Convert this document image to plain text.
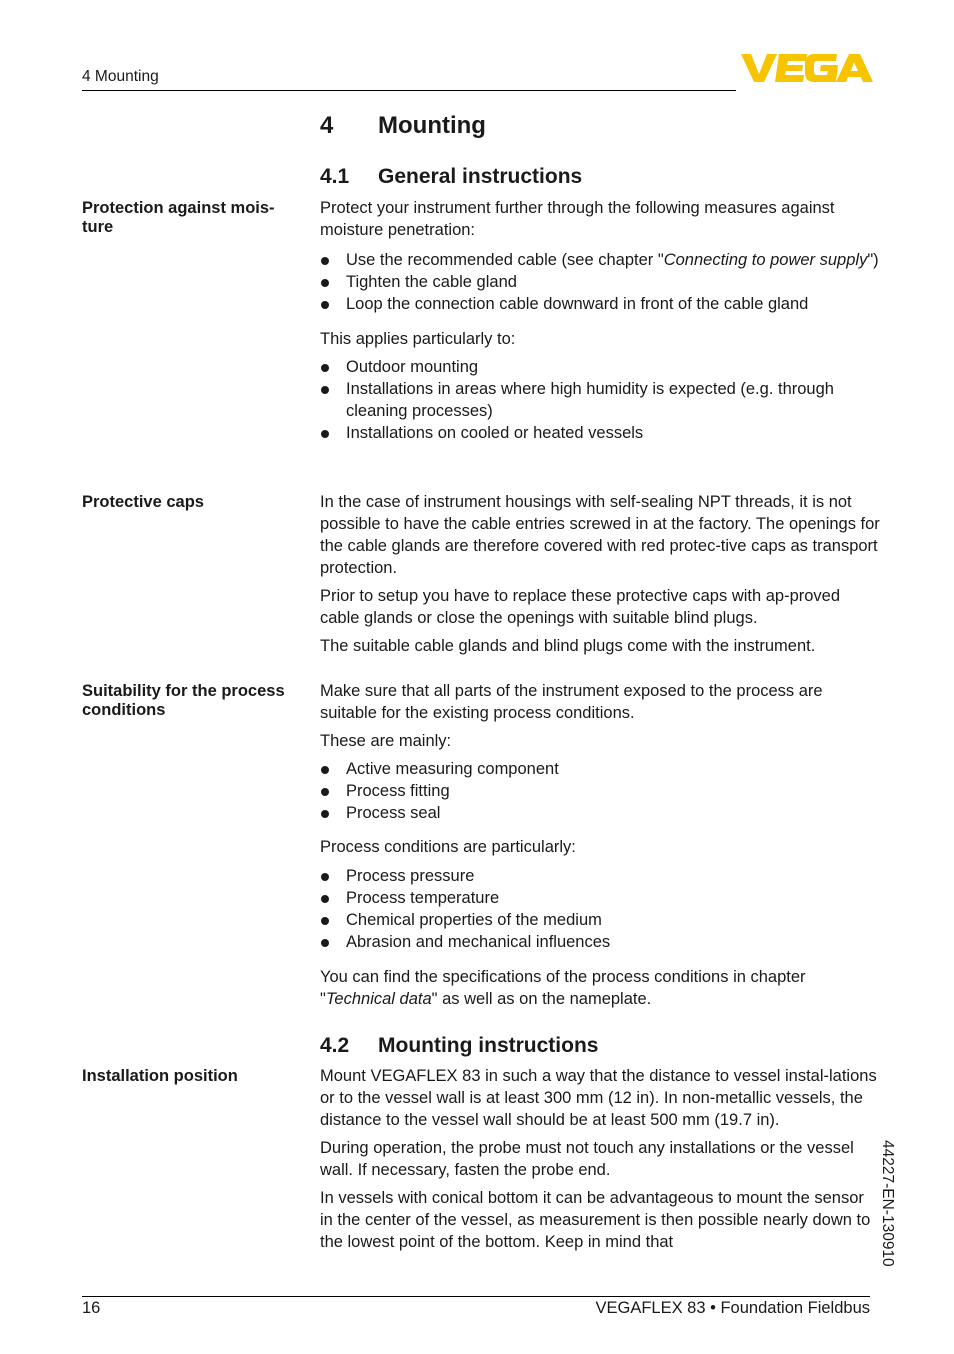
4 Mounting
4 Mounting
4.1 General instructions
Protection against mois-
ture

Protect your instrument further through the following measures against moisture penetration:

Use the recommended cable (see chapter "Connecting to power supply")
Tighten the cable gland
Loop the connection cable downward in front of the cable gland

This applies particularly to:

Outdoor mounting
Installations in areas where high humidity is expected (e.g. through cleaning processes)
Installations on cooled or heated vessels
Protective caps	In the case of instrument housings with self-sealing NPT threads, it is not possible to have the cable entries screwed in at the factory. The openings for the cable glands are therefore covered with red protec-tive caps as transport protection.

Prior to setup you have to replace these protective caps with ap-proved cable glands or close the openings with suitable blind plugs.

The suitable cable glands and blind plugs come with the instrument.

Suitability for the process conditions

Make sure that all parts of the instrument exposed to the process are suitable for the existing process conditions.

These are mainly:

Active measuring component
Process fitting
Process seal

Process conditions are particularly:

Process pressure
Process temperature
Chemical properties of the medium
Abrasion and mechanical influences

You can find the specifications of the process conditions in chapter "Technical data" as well as on the nameplate.

4.2 Mounting instructions
Installation position	Mount VEGAFLEX 83 in such a way that the distance to vessel instal-lations or to the vessel wall is at least 300 mm (12 in). In non-metallic vessels, the distance to the vessel wall should be at least 500 mm (19.7 in).

During operation, the probe must not touch any installations or the vessel wall. If necessary, fasten the probe end.

In vessels with conical bottom it can be advantageous to mount the sensor in the center of the vessel, as measurement is then possible nearly down to the lowest point of the bottom. Keep in mind that	44227-EN-130910
16	VEGAFLEX 83 • Foundation Fieldbus
